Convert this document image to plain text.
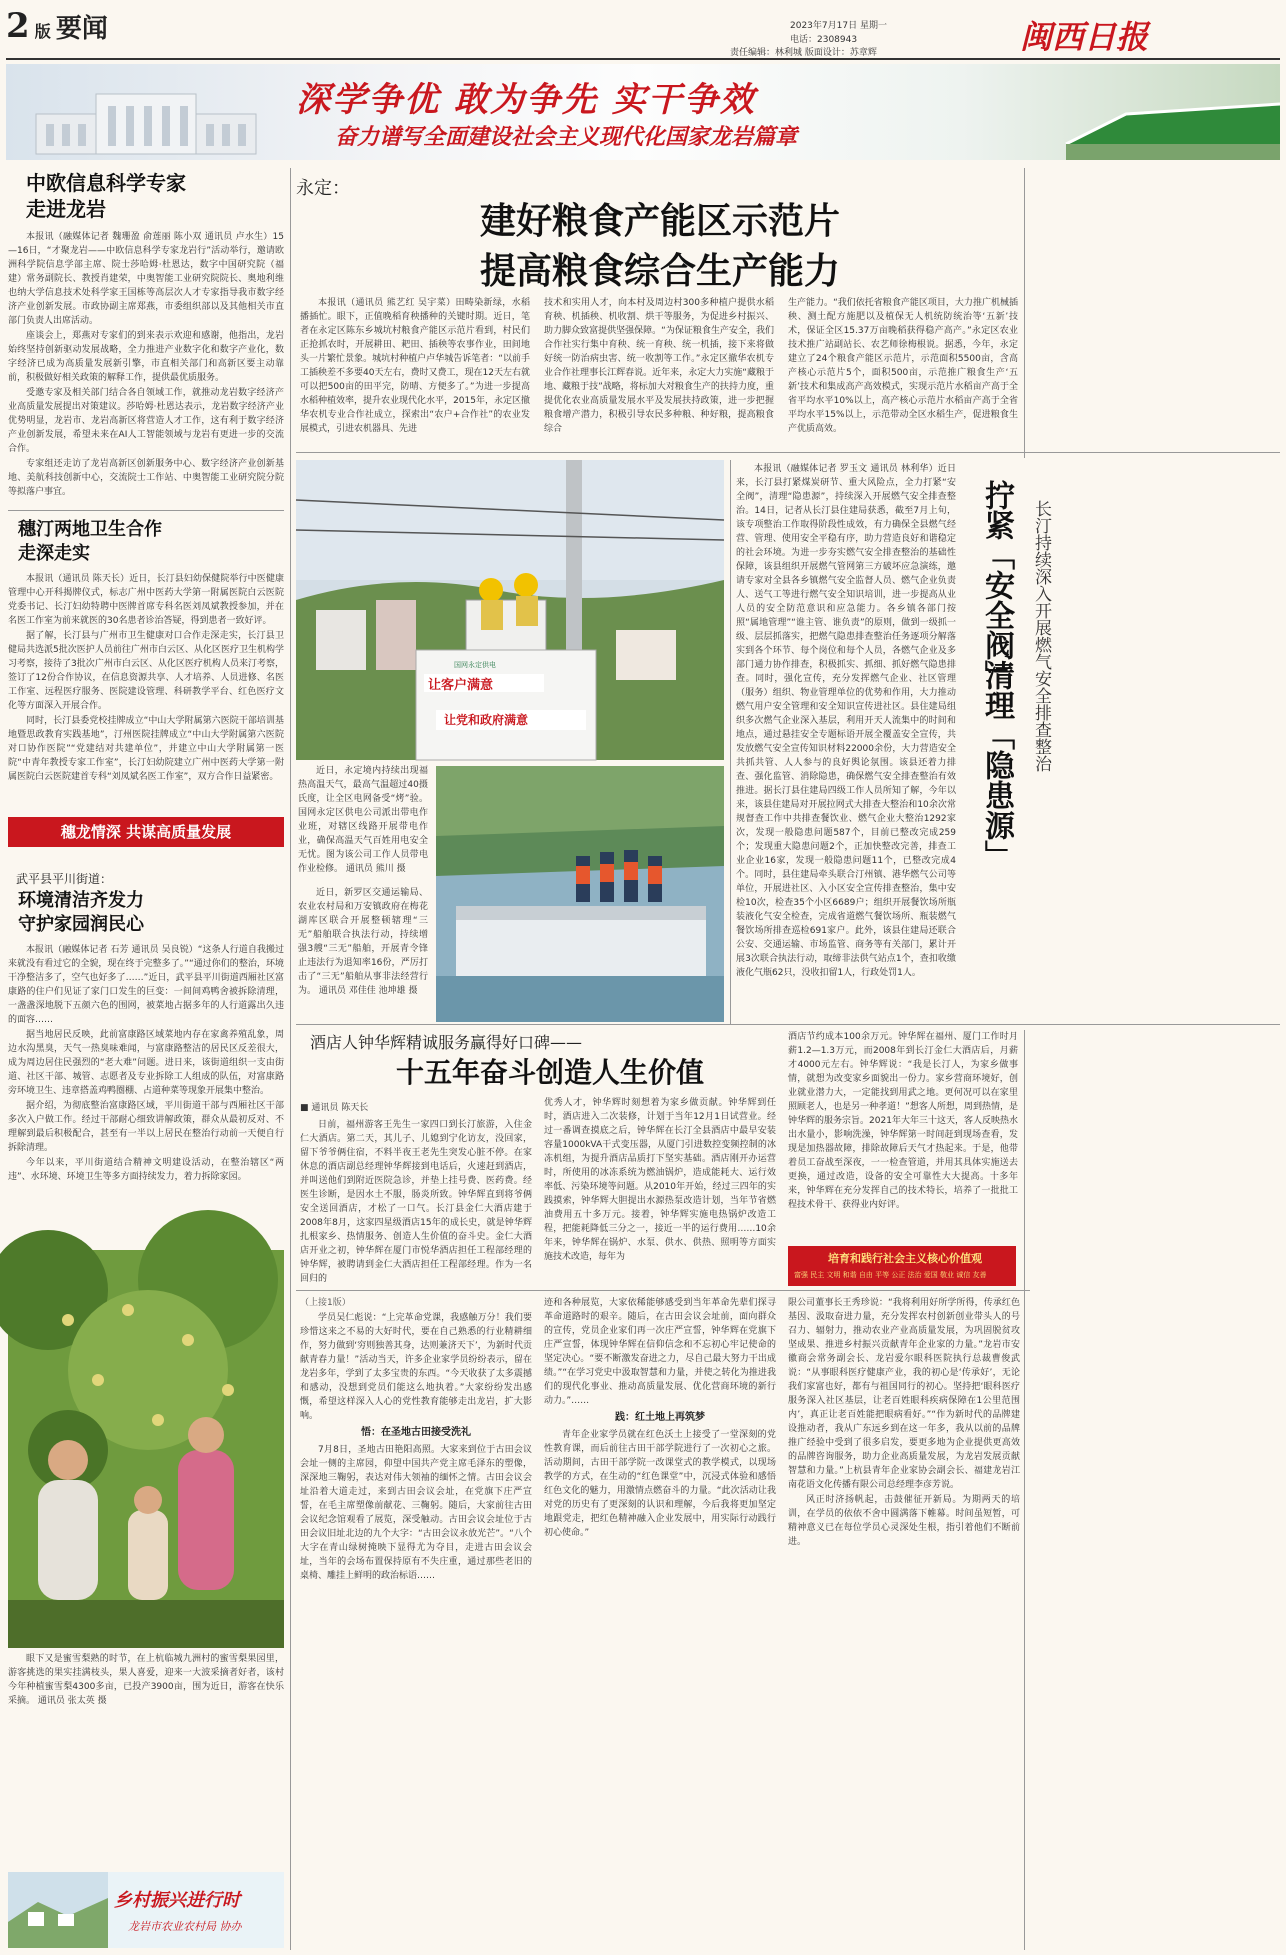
2 版 要闻	2023年7月17日 星期一
电话：2308943
责任编辑：林利城 版面设计：苏章辉	闽西日报
深学争优 敢为争先 实干争效
奋力谱写全面建设社会主义现代化国家龙岩篇章
中欧信息科学专家
走进龙岩

本报讯（融媒体记者 魏珊盈 俞莲丽 陈小双 通讯员 卢水生）15—16日，“才聚龙岩——中欧信息科学专家龙岩行”活动举行，邀请欧洲科学院信息学部主席、院士莎哈姆·杜恩达，数字中国研究院（福建）常务副院长、教授肖建荣，中奥智能工业研究院院长、奥地利维也纳大学信息技术处科学家王国栋等高层次人才专家指导我市数字经济产业创新发展。市政协副主席郑燕，市委组织部以及其他相关市直部门负责人出席活动。

座谈会上，郑燕对专家们的到来表示欢迎和感谢，他指出，龙岩始终坚持创新驱动发展战略，全力推进产业数字化和数字产业化，数字经济已成为高质量发展新引擎，市直相关部门和高新区要主动靠前，积极做好相关政策的解释工作，提供最优质服务。

受邀专家及相关部门结合各自领域工作，就推动龙岩数字经济产业高质量发展提出对策建议。莎哈姆·杜恩达表示，龙岩数字经济产业优势明显，龙岩市、龙岩高新区将营造人才工作，这有利于数字经济产业创新发展，希望未来在AI人工智能领域与龙岩有更进一步的交流合作。

专家组还走访了龙岩高新区创新服务中心、数字经济产业创新基地、美航科技创新中心，交流院士工作站、中奥智能工业研究院分院等拟落户事宜。

穗汀两地卫生合作
走深走实

本报讯（通讯员 陈天长）近日，长汀县妇幼保健院举行中医健康管理中心开科揭牌仪式，标志广州中医药大学第一附属医院白云医院党委书记、长汀妇幼特聘中医牌首席专科名医刘凤斌教授参加，并在名医工作室为前来就医的30名患者诊治答疑，得到患者一致好评。

据了解，长汀县与广州市卫生健康对口合作走深走实，长汀县卫健局共选派5批次医护人员前往广州市白云区、从化区医疗卫生机构学习考察，接待了3批次广州市白云区、从化区医疗机构人员来汀考察，签订了12份合作协议，在信息资源共享、人才培养、人员进修、名医工作室、远程医疗服务、医院建设管理、科研教学平台、红色医疗文化等方面深入开展合作。

同时，长汀县委党校挂牌成立“中山大学附属第六医院干部培训基地暨思政教育实践基地”，汀州医院挂牌成立“中山大学附属第六医院对口协作医院”“党建结对共建单位”，并建立中山大学附属第一医院“中青年教授专家工作室”，长汀妇幼院建立广州中医药大学第一附属医院白云医院建首专科“刘凤斌名医工作室”，双方合作日益紧密。

穗龙情深 共谋高质量发展
武平县平川街道：
环境清洁齐发力
守护家园润民心

本报讯（融媒体记者 石芳 通讯员 吴良锐）“这条人行道自我搬过来就没有看过它的全貌，现在终于完整多了。”“通过你们的整治，环境干净整洁多了，空气也好多了……”近日，武平县平川街道西厢社区富康路的住户们见证了家门口发生的巨变：一间间鸡鸭舍被拆除清理，一盏盏深地脱下五颜六色的围网，被菜地占据多年的人行道露出久违的面容……

据当地居民反映，此前富康路区域菜地内存在家禽养殖乱象，周边水沟黑臭，天气一热臭味难闻，与富康路整洁的居民区反差很大，成为周边居住民强烈的“老大难”问题。进日来，该街道组织一支由街道、社区干部、城管、志愿者及专业拆除工人组成的队伍，对富康路旁环境卫生、违章搭盖鸡鸭圈棚、占道种菜等现象开展集中整治。

据介绍，为彻底整治富康路区域，平川街道干部与西厢社区干部多次入户做工作。经过干部耐心细致讲解政策，群众从最初反对、不理解到最后积极配合，甚至有一半以上居民在整治行动前一天便自行拆除清理。

今年以来，平川街道结合精神文明建设活动，在整治辖区“两违”、水环境、环境卫生等多方面持续发力，着力拆除家园。

眼下又是蜜雪梨熟的时节，在上杭临城九洲村的蜜雪梨果园里，游客挑选的果实挂满枝头，果人喜爱，迎来一大波采摘者好者，该村今年种植蜜雪梨4300多亩，已投产3900亩，围为近日，游客在快乐采摘。 通讯员 张太英 摄
乡村振兴进行时
龙岩市农业农村局 协办
永定：
建好粮食产能区示范片
提高粮食综合生产能力
本报讯（通讯员 熊艺红 吴宇菜）田畴染新绿，水稻播插忙。眼下，正值晚稻育秧播种的关键时期。近日，笔者在永定区陈东乡城坑村粮食产能区示范片看到，村民们正抢抓农时，开展耕田、耙田、插秧等农事作业，田间地头一片繁忙景象。城坑村种植户卢华城告诉笔者：“以前手工插秧差不多要40天左右，费时又费工，现在12天左右就可以把500亩的田平完，防晴、方便多了。”为进一步提高水稻种植效率，提升农业现代化水平，2015年，永定区撤华农机专业合作社成立，探索出“农户+合作社”的农业发展模式，引进农机器具、先进
技术和实用人才，向本村及周边村300多种植户提供水稻育秧、机插秧、机收割、烘干等服务，为促进乡村振兴、助力脚众致富提供坚强保障。“为保证粮食生产安全，我们合作社实行集中育秧、统一育秧、统一机插，接下来将做好统一防治病虫害、统一收割等工作。”永定区撤华农机专业合作社理事长江辉春说。近年来，永定大力实施“藏粮于地、藏粮于技”战略，将标加大对粮食生产的扶持力度，重提优化农业高质量发展水平及发展扶持政策，进一步把握粮食增产潜力，积极引导农民多种粮、种好粮，提高粮食综合
生产能力。“我们依托省粮食产能区项目，大力推广机械插秧、测土配方施肥以及植保无人机统防统治等‘五新’技术，保证全区15.37万亩晚稻获得稳产高产。”永定区农业技术推广站副站长、农艺师徐梅根说。据悉，今年，永定建立了24个粮食产能区示范片，示范面积5500亩，含高产核心示范片5个，面积500亩，示范推广粮食生产‘五新’技术和集成高产高效模式，实现示范片水稻亩产高于全省平均水平10%以上，高产核心示范片水稻亩产高于全省平均水平15%以上，示范带动全区水稻生产，促进粮食生产优质高效。
国网永定供电
让客户满意
让党和政府满意
近日，永定境内持续出现福热高温天气，最高气温超过40摄氏度，让全区电网备受“烤”验。国网永定区供电公司派出带电作业班，对辖区线路开展带电作业，确保高温天气百姓用电安全无忧。图为该公司工作人员带电作业检修。 通讯员 熊川 摄
近日，新罗区交通运输局、农业农村局和万安镇政府在梅花湖库区联合开展整顿辖理“三无”船舶联合执法行动，持续增强3艘“三无”船舶，开展青令锋止违法行为退知率16份，严厉打击了“三无”船舶从事非法经营行为。 通讯员 邓佳佳 池坤雄 摄
本报讯（融媒体记者 罗玉文 通讯员 林利华）近日来，长汀县打紧煤炭研节、重大风险点，全力打紧“安全阀”，清理“隐患源”，持续深入开展燃气安全排查整治。14日，记者从长汀县住建局获悉，截至7月上旬，该专项整治工作取得阶段性成效，有力确保全县燃气经营、管理、使用安全平稳有序，助力营造良好和谐稳定的社会环境。为进一步夯实燃气安全排查整治的基础性保障，该县组织开展燃气管网第三方破坏应急演练，邀请专家对全县各乡镇燃气安全监督人员、燃气企业负责人、送气工等进行燃气安全知识培训，进一步提高从业人员的安全防范意识和应急能力。各乡镇各部门按照“属地管理”“谁主管、谁负责”的原则，做到一级抓一级、层层抓落实，把燃气隐患排查整治任务逐项分解落实到各个环节、每个岗位和每个人员，各燃气企业及多部门通力协作排查，积极抓实、抓细、抓好燃气隐患排查。同时，强化宣传，充分发挥燃气企业、社区管理（服务）组织、物业管理单位的优势和作用，大力推动燃气用户安全管理和安全知识宣传进社区。县住建局组织多次燃气企业深入基层，利用开天人流集中的时间和地点，通过悬挂安全专题标语开展全覆盖安全宣传，共发放燃气安全宣传知识材料22000余份，大力营造安全共抓共管、人人参与的良好舆论氛围。该县还着力排查、强化监管、消除隐患，确保燃气安全排查整治有效推进。据长汀县住建局四级工作人员所知了解，今年以来，该县住建局对开展拉网式大排查大整治和10余次常规督查工作中共排查餐饮业、燃气企业大整治1292家次，发现一般隐患问题587个，目前已整改完成259个；发现重大隐患问题2个，正加快整改完善，排查工业企业16家，发现一般隐患问题11个，已整改完成4个。同时，县住建局牵头联合汀州镇、港华燃气公司等单位，开展进社区、入小区安全宣传排查整治，集中安检10次，检查35个小区6689户；组织开展餐饮场所瓶装液化气安全检查，完成省道燃气餐饮场所、瓶装燃气餐饮场所排查巡检691家户。此外，该县住建局还联合公安、交通运输、市场监管、商务等有关部门，累计开展3次联合执法行动，取缔非法供气站点1个，查扣收缴液化气瓶62只，没收扣留1人，行政处罚1人。
拧紧「安全阀」 长汀持续深入开展燃气安全排查整治
清理「隐患源」
酒店人钟华辉精诚服务赢得好口碑——
十五年奋斗创造人生价值
■ 通讯员 陈天长
日前，福州游客王先生一家四口到长汀旅游，入住金仁大酒店。第二天，其儿子、儿媳到宁化访友，没回家，留下爷爷俩住宿，不料半夜王老先生突发心脏不停。在家休息的酒店副总经理钟华辉接到电话后，火速赶到酒店，并叫送他们到附近医院急诊，并垫上挂号费、医药费。经医生诊断，是因水土不服，肠炎所致。钟华辉直到将爷俩安全送回酒店，才松了一口气。长汀县金仁大酒店建于2008年8月，这家四星级酒店15年的成长史，就是钟华辉扎根家乡、热情服务、创造人生价值的奋斗史。金仁大酒店开业之初，钟华辉在厦门市悦华酒店担任工程部经理的钟华辉，被聘请到金仁大酒店担任工程部经理。作为一名回归的
优秀人才，钟华辉时刻想着为家乡做贡献。钟华辉到任时，酒店进入二次装修，计划于当年12月1日试营业。经过一番调查摸底之后，钟华辉在长汀全县酒店中最早安装容量1000kVA干式变压器，从厦门引进数控变频控制的冰冻机组，为提升酒店品质打下坚实基础。酒店刚开办运营时，所使用的冰冻系统为燃油锅炉，造成能耗大、运行效率低、污染环境等问题。从2010年开始，经过三四年的实践摸索，钟华辉大胆提出水源热泵改造计划，当年节省燃油费用五十多万元。接着，钟华辉实施电热锅炉改造工程，把能耗降低三分之一，接近一半的运行费用……10余年来，钟华辉在锅炉、水泵、供水、供热、照明等方面实施技术改造，每年为
酒店节约成本100余万元。钟华辉在福州、厦门工作时月薪1.2—1.3万元，而2008年到长汀金仁大酒店后，月薪才4000元左右。钟华辉说：“我是长汀人，为家乡做事情，就想为改变家乡面貌出一份力。家乡营商环境好，创业就业潜力大，一定能找到用武之地。更何况可以在家里照顾老人，也是另一种孝道！”想客人所想，周到热情，是钟华辉的服务宗旨。2021年大年三十这天，客人反映热水出水量小，影响洗澡，钟华辉第一时间赶到现场查看，发现是加热器故障，排除故障后天气才热起来。于是，他带着员工奋战至深夜，一一检查管道，并用其具体实施送去更换，通过改造，设备的安全可靠性大大提高。十多年来，钟华辉在充分发挥自己的技术特长，培养了一批批工程技术骨干、获得业内好评。
培育和践行社会主义核心价值观
富强 民主 文明 和谐 自由 平等 公正 法治 爱国 敬业 诚信 友善

（上接1版）

学员吴仁彪说：“上完革命党课，我感触万分！我们要珍惜这来之不易的大好时代，要在自己熟悉的行业精耕细作，努力做到‘穷则独善其身，达则兼济天下’，为新时代贡献青春力量！”活动当天，许多企业家学员纷纷表示，留在龙岩多年，学到了太多宝贵的东西。“今天收获了太多震撼和感动，没想到党员们能这么地执着。”大家纷纷发出感慨，希望这样深入人心的党性教育能够走出龙岩，扩大影响。

悟：在圣地古田接受洗礼

7月8日，圣地古田艳阳高照。大家来到位于古田会议会址一侧的主席园，仰望中国共产党主席毛泽东的塑像，深深地三鞠躬，表达对伟大领袖的缅怀之情。古田会议会址沿着大道走过，来到古田会议会址，在党旗下庄严宣誓，在毛主席塑像前献花、三鞠躬。随后，大家前往古田会议纪念馆观看了展览，深受触动。古田会议会址位于古田会议旧址北边的九个大字：“古田会议永放光芒”。“八个大字在青山绿树掩映下显得尤为夺目，走进古田会议会址，当年的会场布置保持原有不失庄重，通过那些老旧的桌椅、雕挂上鲜明的政治标语……

迹和各种展览，大家依稀能够感受到当年革命先辈们探寻革命道路时的艰辛。随后，在古田会议会址前，面向群众的宣传，党员企业家们再一次庄严宣誓，钟华辉在党旗下庄严宣誓，体现钟华辉在信仰信念和不忘初心牢记使命的坚定决心。“要不断激发奋进之力，尽自己最大努力干出成绩。”“在学习党史中汲取智慧和力量，并使之转化为推进我们的现代化事业、推动高质量发展、优化营商环境的新行动力。”……

践：红土地上再筑梦

青年企业家学员就在红色沃土上接受了一堂深刻的党性教育课，而后前往古田干部学院进行了一次初心之旅。活动期间，古田干部学院一改课堂式的教学模式，以现场教学的方式，在生动的“红色课堂”中，沉浸式体验和感悟红色文化的魅力，用激情点燃奋斗的力量。“此次活动让我对党的历史有了更深刻的认识和理解，今后我将更加坚定地跟党走，把红色精神融入企业发展中，用实际行动践行初心使命。”

限公司董事长王秀珍说：“我将利用好所学所得，传承红色基因、汲取奋进力量，充分发挥农村创新创业带头人的号召力、辐射力，推动农业产业高质量发展，为巩固脱贫攻坚成果、推进乡村振兴贡献青年企业家的力量。”龙岩市安徽商会常务副会长、龙岩爱尔眼科医院执行总裁曹俊武说：“从事眼科医疗健康产业，我的初心是‘传承好’，无论我们家富也好，都有与祖国同行的初心。坚持把‘眼科医疗服务深入社区基层，让老百姓眼科疾病保障在1公里范围内’，真正让老百姓能把眼病看好。”“作为新时代的品牌建设推动者，我从广东远乡到在这一年多，我从以前的品牌推广经验中受到了很多启发，要更多地为企业提供更高效的品牌咨询服务，助力企业高质量发展，为龙岩发展贡献智慧和力量。”上杭县青年企业家协会副会长、福建龙岩江南花语文化传播有限公司总经理李彦芳说。

风正时济扬帆起，击鼓催征开新局。为期两天的培训，在学员的依依不舍中圆满落下帷幕。时间虽短暂，可精神意义已在每位学员心灵深处生根，指引着他们不断前进。
